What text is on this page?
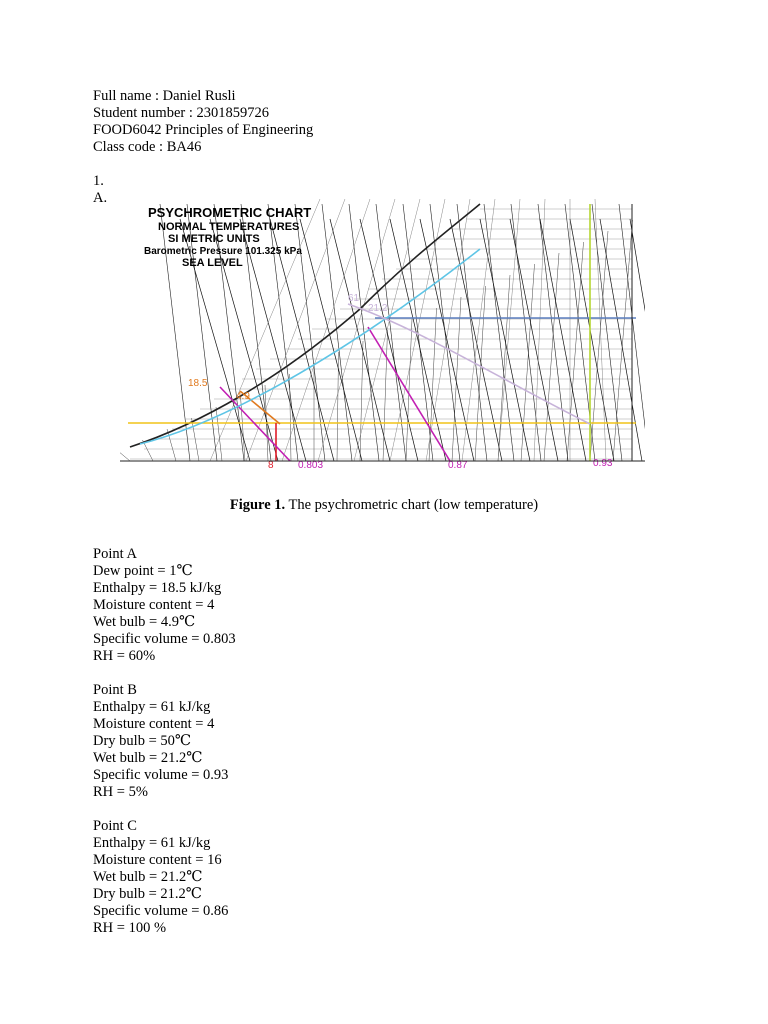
Full name : Daniel Rusli
Student number : 2301859726
FOOD6042 Principles of Engineering
Class code : BA46
1.
A.
PSYCHROMETRIC CHART
NORMAL TEMPERATURES
SI METRIC UNITS
Barometric Pressure 101.325 kPa
SEA LEVEL
18.5
4.9
8 0.803	0.87	0.93
61
21.2
Figure 1. The psychrometric chart (low temperature)
Point A
Dew point = 1℃
Enthalpy = 18.5 kJ/kg
Moisture content = 4
Wet bulb = 4.9℃
Specific volume = 0.803
RH = 60%
Point B
Enthalpy = 61 kJ/kg
Moisture content = 4
Dry bulb = 50℃
Wet bulb = 21.2℃
Specific volume = 0.93
RH = 5%
Point C
Enthalpy = 61 kJ/kg
Moisture content = 16
Wet bulb = 21.2℃
Dry bulb = 21.2℃
Specific volume = 0.86
RH = 100 %
